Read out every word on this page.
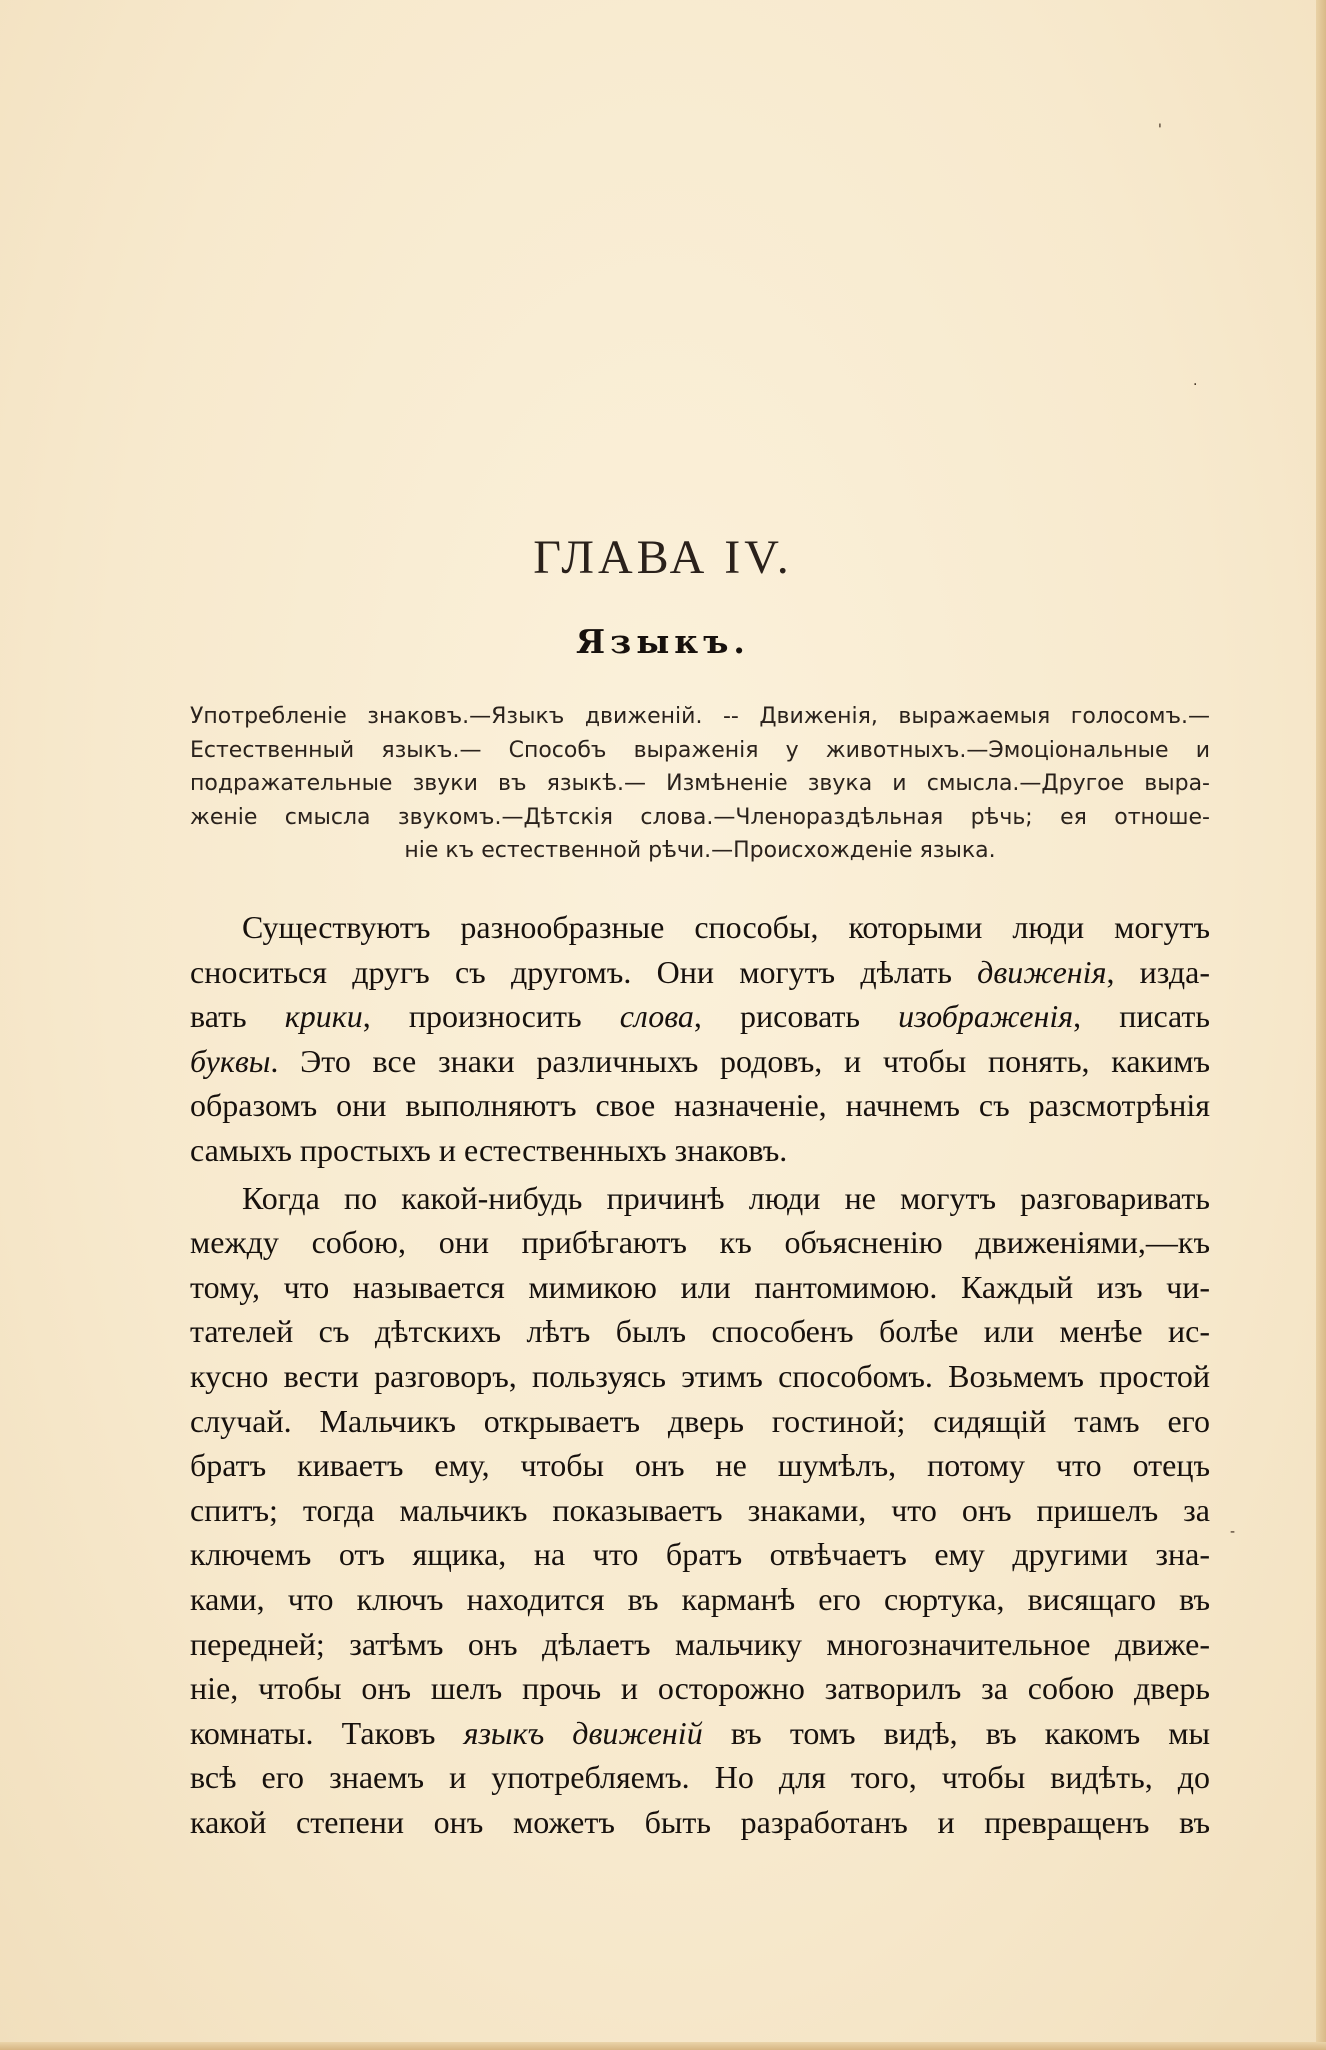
'
·
-
ГЛАВА IV.
Языкъ.
Употребленіе знаковъ.—Языкъ движеній. -- Движенія, выражаемыя голосомъ.—
Естественный языкъ.— Способъ выраженія у животныхъ.—Эмоціональные и
подражательные звуки въ языкѣ.— Измѣненіе звука и смысла.—Другое выра-
женіе смысла звукомъ.—Дѣтскія слова.—Членораздѣльная рѣчь; ея отноше-
ніе къ естественной рѣчи.—Происхожденіе языка.
Существуютъ разнообразные способы, которыми люди могутъ
сноситься другъ съ другомъ. Они могутъ дѣлать движенія, изда-
вать крики, произносить слова, рисовать изображенія, писать
буквы. Это все знаки различныхъ родовъ, и чтобы понять, какимъ
образомъ они выполняютъ свое назначеніе, начнемъ съ разсмотрѣнія
самыхъ простыхъ и естественныхъ знаковъ.
Когда по какой-нибудь причинѣ люди не могутъ разговаривать
между собою, они прибѣгаютъ къ объясненію движеніями,—къ
тому, что называется мимикою или пантомимою. Каждый изъ чи-
тателей съ дѣтскихъ лѣтъ былъ способенъ болѣе или менѣе ис-
кусно вести разговоръ, пользуясь этимъ способомъ. Возьмемъ простой
случай. Мальчикъ открываетъ дверь гостиной; сидящій тамъ его
братъ киваетъ ему, чтобы онъ не шумѣлъ, потому что отецъ
спитъ; тогда мальчикъ показываетъ знаками, что онъ пришелъ за
ключемъ отъ ящика, на что братъ отвѣчаетъ ему другими зна-
ками, что ключъ находится въ карманѣ его сюртука, висящаго въ
передней; затѣмъ онъ дѣлаетъ мальчику многозначительное движе-
ніе, чтобы онъ шелъ прочь и осторожно затворилъ за собою дверь
комнаты. Таковъ языкъ движеній въ томъ видѣ, въ какомъ мы
всѣ его знаемъ и употребляемъ. Но для того, чтобы видѣть, до
какой степени онъ можетъ быть разработанъ и превращенъ въ
